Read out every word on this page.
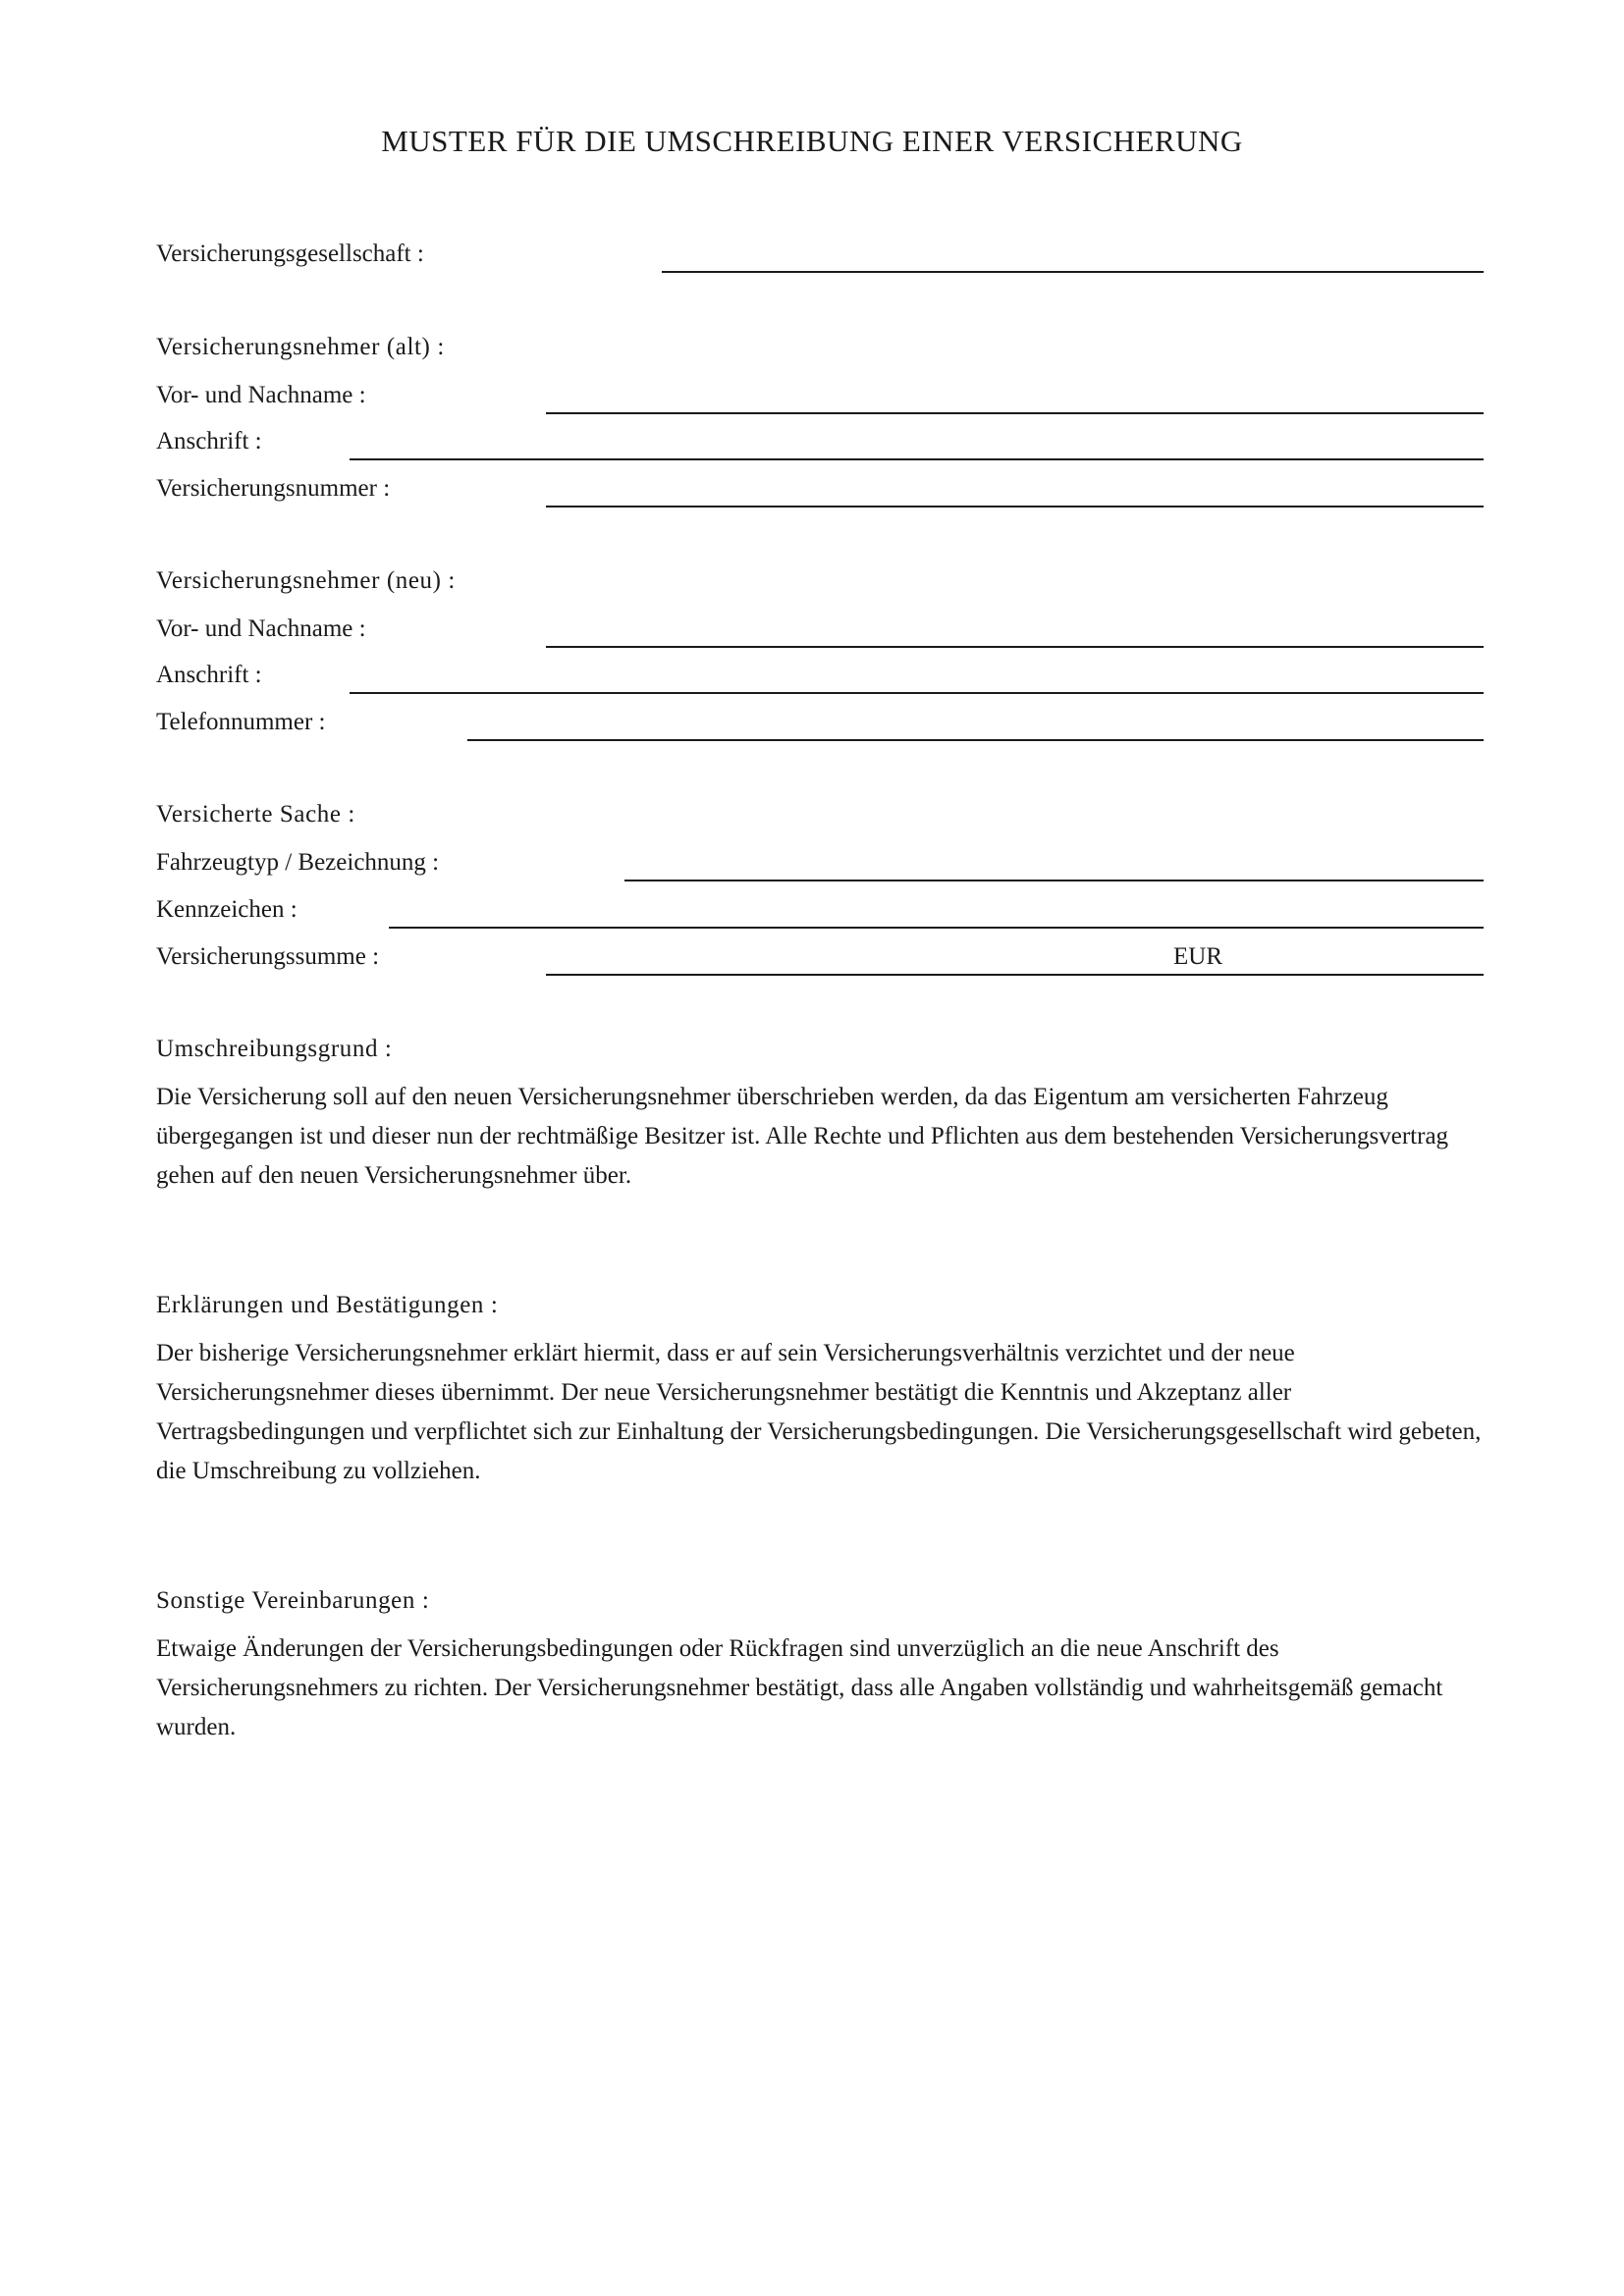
MUSTER FÜR DIE UMSCHREIBUNG EINER VERSICHERUNG
Versicherungsgesellschaft :
Versicherungsnehmer (alt) :
Vor- und Nachname :
Anschrift :
Versicherungsnummer :
Versicherungsnehmer (neu) :
Vor- und Nachname :
Anschrift :
Telefonnummer :
Versicherte Sache :
Fahrzeugtyp / Bezeichnung :
Kennzeichen :
Versicherungssumme :	EUR
Umschreibungsgrund :

Die Versicherung soll auf den neuen Versicherungsnehmer überschrieben werden, da das Eigentum am versicherten Fahrzeug übergegangen ist und dieser nun der rechtmäßige Besitzer ist. Alle Rechte und Pflichten aus dem bestehenden Versicherungsvertrag gehen auf den neuen Versicherungsnehmer über.

Erklärungen und Bestätigungen :

Der bisherige Versicherungsnehmer erklärt hiermit, dass er auf sein Versicherungsverhältnis verzichtet und der neue Versicherungsnehmer dieses übernimmt. Der neue Versicherungsnehmer bestätigt die Kenntnis und Akzeptanz aller Vertragsbedingungen und verpflichtet sich zur Einhaltung der Versicherungsbedingungen. Die Versicherungsgesellschaft wird gebeten, die Umschreibung zu vollziehen.

Sonstige Vereinbarungen :

Etwaige Änderungen der Versicherungsbedingungen oder Rückfragen sind unverzüglich an die neue Anschrift des Versicherungsnehmers zu richten. Der Versicherungsnehmer bestätigt, dass alle Angaben vollständig und wahrheitsgemäß gemacht wurden.
